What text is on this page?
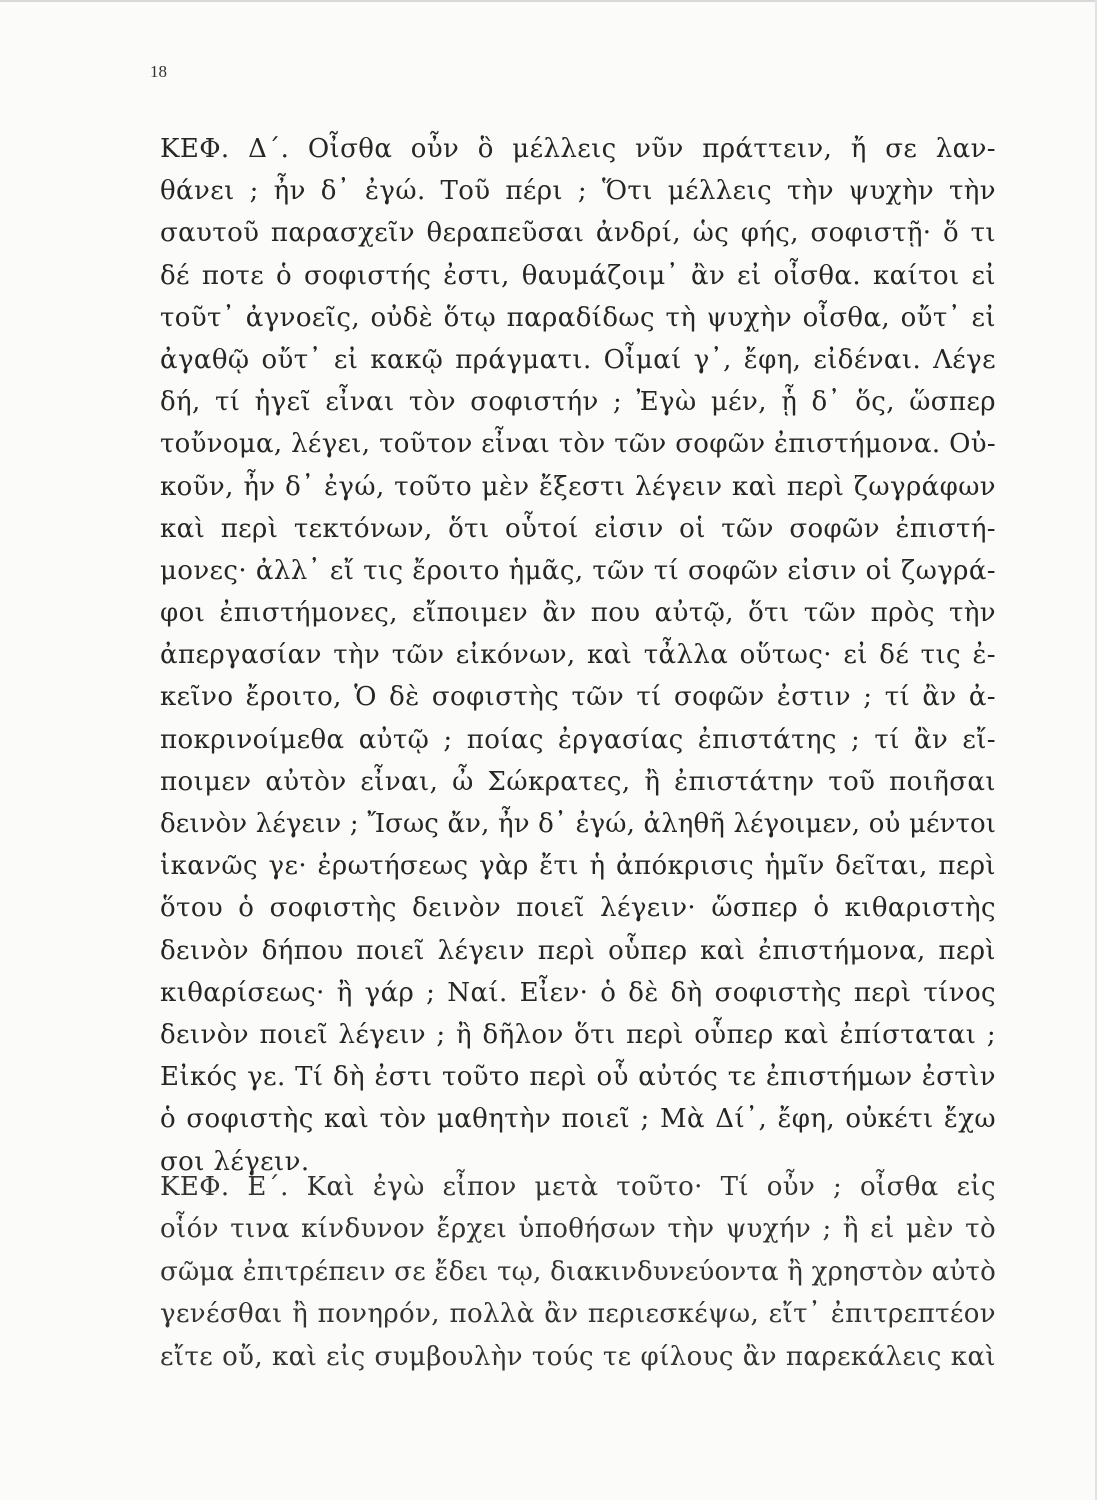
18
ΚΕΦ. Δ΄. Οἶσθα οὖν ὃ μέλλεις νῦν πράττειν, ἤ σε λαν-
θάνει ; ἦν δ᾽ ἐγώ. Τοῦ πέρι ; Ὅτι μέλλεις τὴν ψυχὴν τὴν
σαυτοῦ παρασχεῖν θεραπεῦσαι ἀνδρί, ὡς φής, σοφιστῇ· ὅ τι
δέ ποτε ὁ σοφιστής ἐστι, θαυμάζοιμ᾽ ἂν εἰ οἶσθα. καίτοι εἰ
τοῦτ᾽ ἀγνοεῖς, οὐδὲ ὅτῳ παραδίδως τὴ ψυχὴν οἶσθα, οὔτ᾽ εἰ
ἀγαθῷ οὔτ᾽ εἰ κακῷ πράγματι. Οἶμαί γ᾽, ἔφη, εἰδέναι. Λέγε
δή, τί ἡγεῖ εἶναι τὸν σοφιστήν ; Ἐγὼ μέν, ᾗ δ᾽ ὅς, ὥσπερ
τοὔνομα, λέγει, τοῦτον εἶναι τὸν τῶν σοφῶν ἐπιστήμονα. Οὐ-
κοῦν, ἦν δ᾽ ἐγώ, τοῦτο μὲν ἔξεστι λέγειν καὶ περὶ ζωγράφων
καὶ περὶ τεκτόνων, ὅτι οὗτοί εἰσιν οἱ τῶν σοφῶν ἐπιστή-
μονες· ἀλλ᾽ εἴ τις ἔροιτο ἡμᾶς, τῶν τί σοφῶν εἰσιν οἱ ζωγρά-
φοι ἐπιστήμονες, εἴποιμεν ἂν που αὐτῷ, ὅτι τῶν πρὸς τὴν
ἀπεργασίαν τὴν τῶν εἰκόνων, καὶ τἆλλα οὕτως· εἰ δέ τις ἐ-
κεῖνο ἔροιτο, Ὁ δὲ σοφιστὴς τῶν τί σοφῶν ἐστιν ; τί ἂν ἀ-
ποκρινοίμεθα αὐτῷ ; ποίας ἐργασίας ἐπιστάτης ; τί ἂν εἴ-
ποιμεν αὐτὸν εἶναι, ὦ Σώκρατες, ἢ ἐπιστάτην τοῦ ποιῆσαι
δεινὸν λέγειν ; Ἴσως ἄν, ἦν δ᾽ ἐγώ, ἀληθῆ λέγοιμεν, οὐ μέντοι
ἱκανῶς γε· ἐρωτήσεως γὰρ ἔτι ἡ ἀπόκρισις ἡμῖν δεῖται, περὶ
ὅτου ὁ σοφιστὴς δεινὸν ποιεῖ λέγειν· ὥσπερ ὁ κιθαριστὴς
δεινὸν δήπου ποιεῖ λέγειν περὶ οὗπερ καὶ ἐπιστήμονα, περὶ
κιθαρίσεως· ἢ γάρ ; Ναί. Εἶεν· ὁ δὲ δὴ σοφιστὴς περὶ τίνος
δεινὸν ποιεῖ λέγειν ; ἢ δῆλον ὅτι περὶ οὗπερ καὶ ἐπίσταται ;
Εἰκός γε. Τί δὴ ἐστι τοῦτο περὶ οὗ αὐτός τε ἐπιστήμων ἐστὶν
ὁ σοφιστὴς καὶ τὸν μαθητὴν ποιεῖ ; Μὰ Δί᾽, ἔφη, οὐκέτι ἔχω
σοι λέγειν.
ΚΕΦ. Ε΄. Καὶ ἐγὼ εἶπον μετὰ τοῦτο· Τί οὖν ; οἶσθα εἰς
οἷόν τινα κίνδυνον ἔρχει ὑποθήσων τὴν ψυχήν ; ἢ εἰ μὲν τὸ
σῶμα ἐπιτρέπειν σε ἔδει τῳ, διακινδυνεύοντα ἢ χρηστὸν αὐτὸ
γενέσθαι ἢ πονηρόν, πολλὰ ἂν περιεσκέψω, εἴτ᾽ ἐπιτρεπτέον
εἴτε οὔ, καὶ εἰς συμβουλὴν τούς τε φίλους ἂν παρεκάλεις καὶ
